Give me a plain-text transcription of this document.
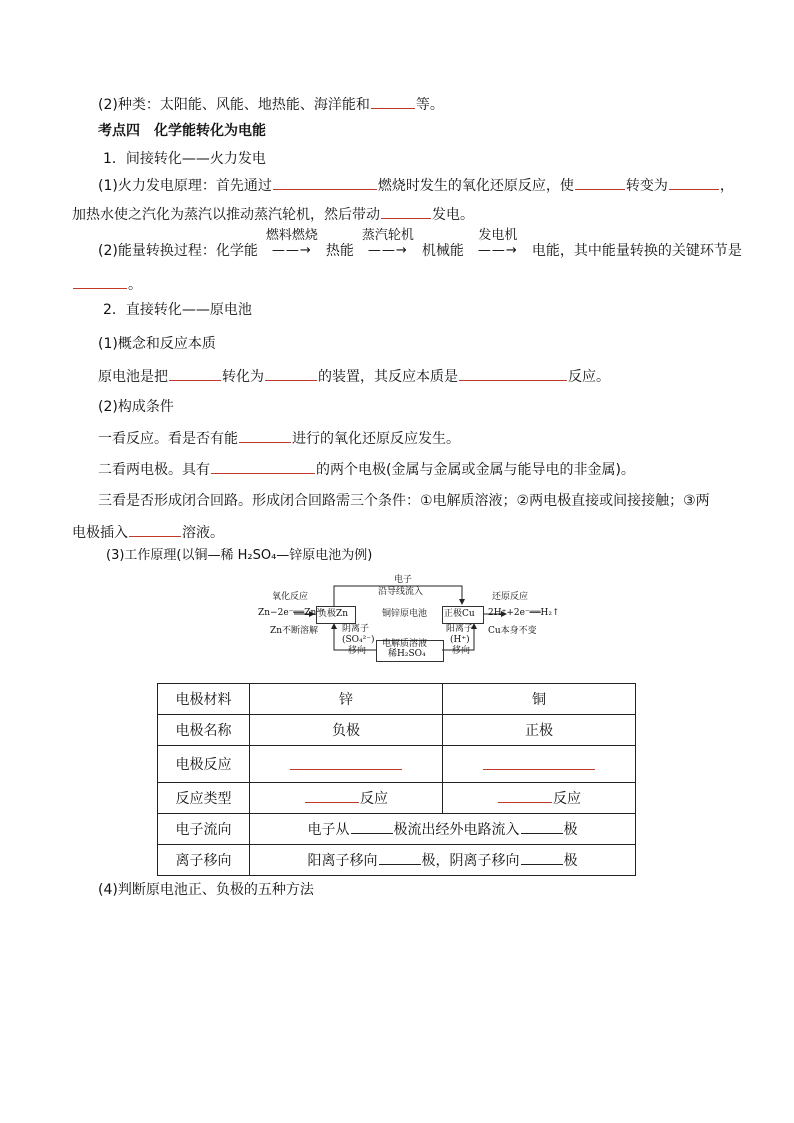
(2)种类：太阳能、风能、地热能、海洋能和	等。
考点四　化学能转化为电能
1．间接转化——火力发电
(1)火力发电原理：首先通过	燃烧时发生的氧化还原反应，使	转变为	，
加热水使之汽化为蒸汽以推动蒸汽轮机，然后带动	发电。
(2)能量转换过程：化学能
燃料燃烧
——→ 热能
蒸汽轮机
——→ 机械能
发电机
——→ 电能，其中能量转换的关键环节是
。
2．直接转化——原电池
(1)概念和反应本质
原电池是把	转化为	的装置，其反应本质是	反应。
(2)构成条件
一看反应。看是否有能	进行的氧化还原反应发生。
二看两电极。具有	的两个电极(金属与金属或金属与能导电的非金属)。
三看是否形成闭合回路。形成闭合回路需三个条件：①电解质溶液；②两电极直接或间接接触；③两
电极插入	溶液。
(3)工作原理(以铜—稀 H₂SO₄—锌原电池为例)
电子
沿导线流入
氧化反应
Zn−2e⁻══Zn²⁺
Zn不断溶解
负极Zn
阴离子
(SO₄²⁻)
移向
铜锌原电池 正极Cu
阳离子
(H⁺)
移向
电解质溶液
稀H₂SO₄
还原反应
2H⁺+2e⁻══H₂↑
Cu本身不变
电极材料	锌	铜
电极名称	负极	正极
电极反应		
反应类型	反应	反应
电子流向	电子从 极流出经外电路流入 极	
离子移向	阳离子移向 极，阴离子移向 极	
(4)判断原电池正、负极的五种方法
